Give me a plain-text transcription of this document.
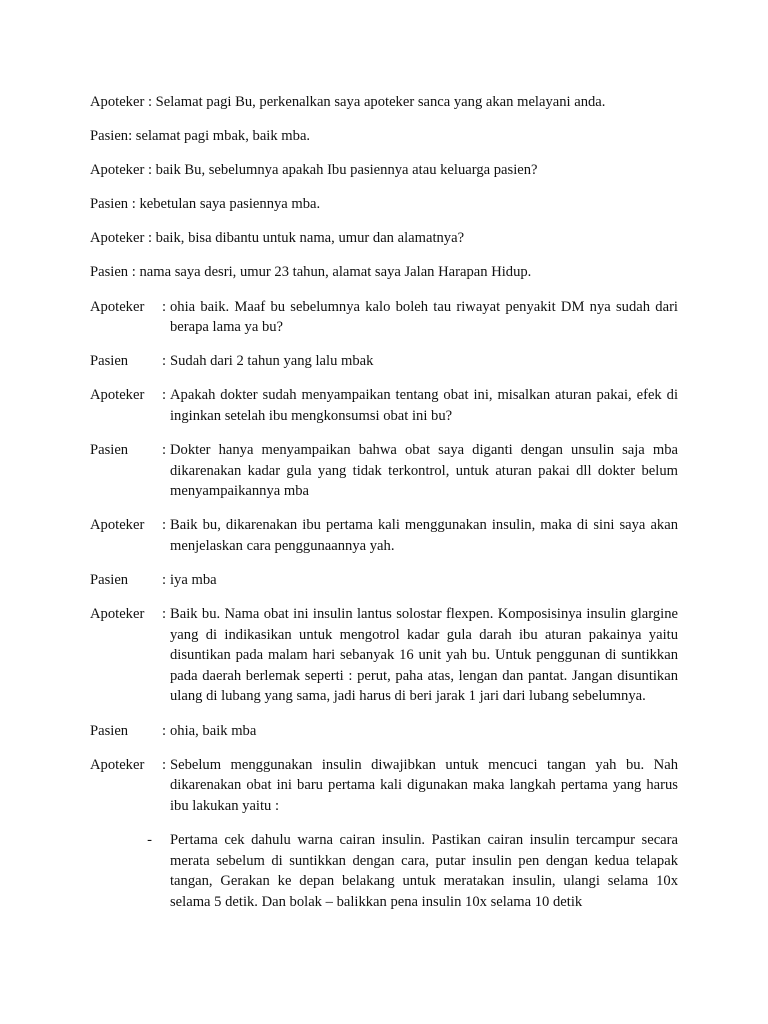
Apoteker : Selamat pagi Bu, perkenalkan saya apoteker sanca yang akan melayani anda.

Pasien: selamat pagi mbak, baik mba.

Apoteker : baik Bu, sebelumnya apakah Ibu pasiennya atau keluarga pasien?

Pasien : kebetulan saya pasiennya mba.

Apoteker : baik, bisa dibantu untuk nama, umur dan alamatnya?

Pasien : nama saya desri, umur 23 tahun, alamat saya Jalan Harapan Hidup.

Apoteker	: ohia baik. Maaf bu sebelumnya kalo boleh tau riwayat penyakit DM nya sudah dari berapa lama ya bu?
Pasien	: Sudah dari 2 tahun yang lalu mbak
Apoteker	: Apakah dokter sudah menyampaikan tentang obat ini, misalkan aturan pakai, efek di inginkan setelah ibu mengkonsumsi obat ini bu?
Pasien	: Dokter hanya menyampaikan bahwa obat saya diganti dengan unsulin saja mba dikarenakan kadar gula yang tidak terkontrol, untuk aturan pakai dll dokter belum menyampaikannya mba
Apoteker	: Baik bu, dikarenakan ibu pertama kali menggunakan insulin, maka di sini saya akan menjelaskan cara penggunaannya yah.
Pasien	: iya mba
Apoteker	: Baik bu. Nama obat ini insulin lantus solostar flexpen. Komposisinya insulin glargine yang di indikasikan untuk mengotrol kadar gula darah ibu aturan pakainya yaitu disuntikan pada malam hari sebanyak 16 unit yah bu. Untuk penggunan di suntikkan pada daerah berlemak seperti : perut, paha atas, lengan dan pantat. Jangan disuntikan ulang di lubang yang sama, jadi harus di beri jarak 1 jari dari lubang sebelumnya.
Pasien	: ohia, baik mba
Apoteker	: Sebelum menggunakan insulin diwajibkan untuk mencuci tangan yah bu. Nah dikarenakan obat ini baru pertama kali digunakan maka langkah pertama yang harus ibu lakukan yaitu :
-	Pertama cek dahulu warna cairan insulin. Pastikan cairan insulin tercampur secara merata sebelum di suntikkan dengan cara, putar insulin pen dengan kedua telapak tangan, Gerakan ke depan belakang untuk meratakan insulin, ulangi selama 10x selama 5 detik. Dan bolak – balikkan pena insulin 10x selama 10 detik
